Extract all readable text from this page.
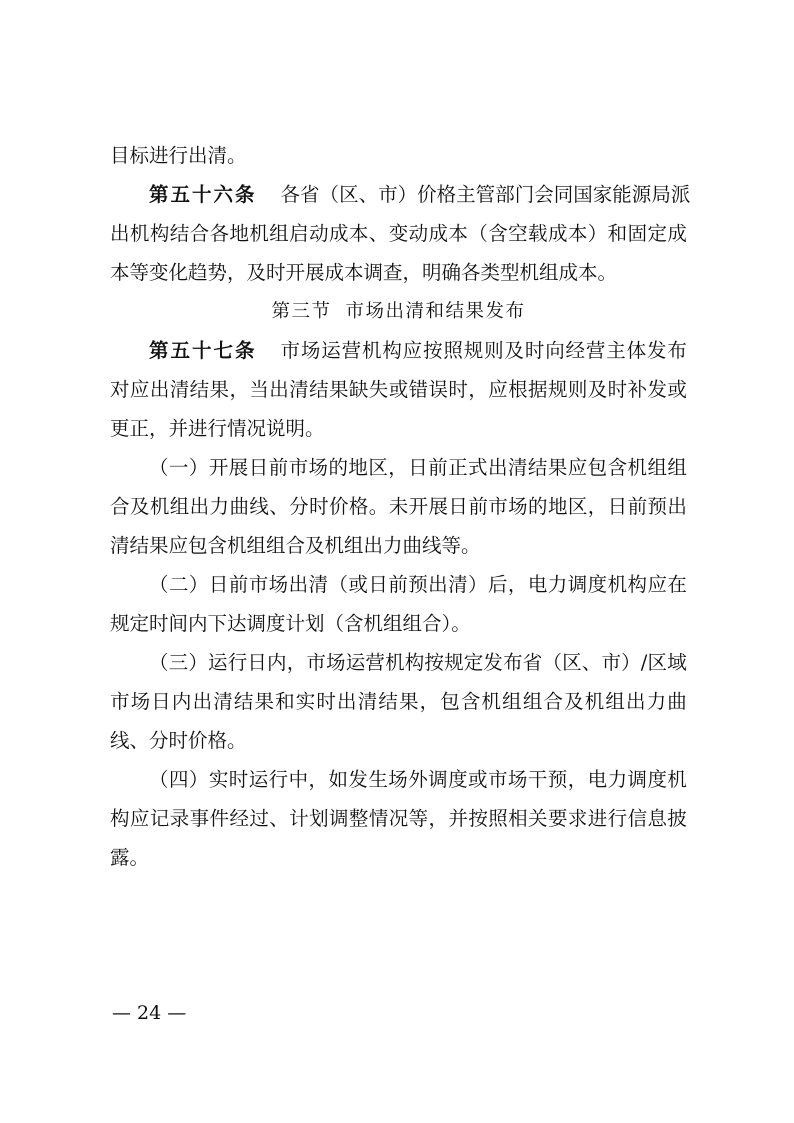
目标进行出清。
第五十六条 各 省 （ 区 、 市 ） 价 格 主 管 部 门 会 同 国 家 能 源 局 派
出 机 构 结 合 各 地 机 组 启 动 成 本 、 变 动 成 本 （ 含 空 载 成 本 ） 和 固 定 成
本等变化趋势，及时开展成本调查，明确各类型机组成本。
第三节 市场出清和结果发布
第五十七条 市 场 运 营 机 构 应 按 照 规 则 及 时 向 经 营 主 体 发 布
对 应 出 清 结 果 ， 当 出 清 结 果 缺 失 或 错 误 时 ， 应 根 据 规 则 及 时 补 发 或
更正，并进行情况说明。
（ 一 ） 开 展 日 前 市 场 的 地 区 ， 日 前 正 式 出 清 结 果 应 包 含 机 组 组
合 及 机 组 出 力 曲 线 、 分 时 价 格 。 未 开 展 日 前 市 场 的 地 区 ， 日 前 预 出
清结果应包含机组组合及机组出力曲线等。
（ 二 ） 日 前 市 场 出 清 （ 或 日 前 预 出 清 ） 后 ， 电 力 调 度 机 构 应 在
规定时间内下达调度计划（含机组组合）。
（ 三 ） 运 行 日 内 ， 市 场 运 营 机 构 按 规 定 发 布 省 （ 区 、 市 ） / 区 域
市 场 日 内 出 清 结 果 和 实 时 出 清 结 果 ， 包 含 机 组 组 合 及 机 组 出 力 曲
线、分时价格。
（ 四 ） 实 时 运 行 中 ， 如 发 生 场 外 调 度 或 市 场 干 预 ， 电 力 调 度 机
构 应 记 录 事 件 经 过 、 计 划 调 整 情 况 等 ， 并 按 照 相 关 要 求 进 行 信 息 披
露。
— 24 —
